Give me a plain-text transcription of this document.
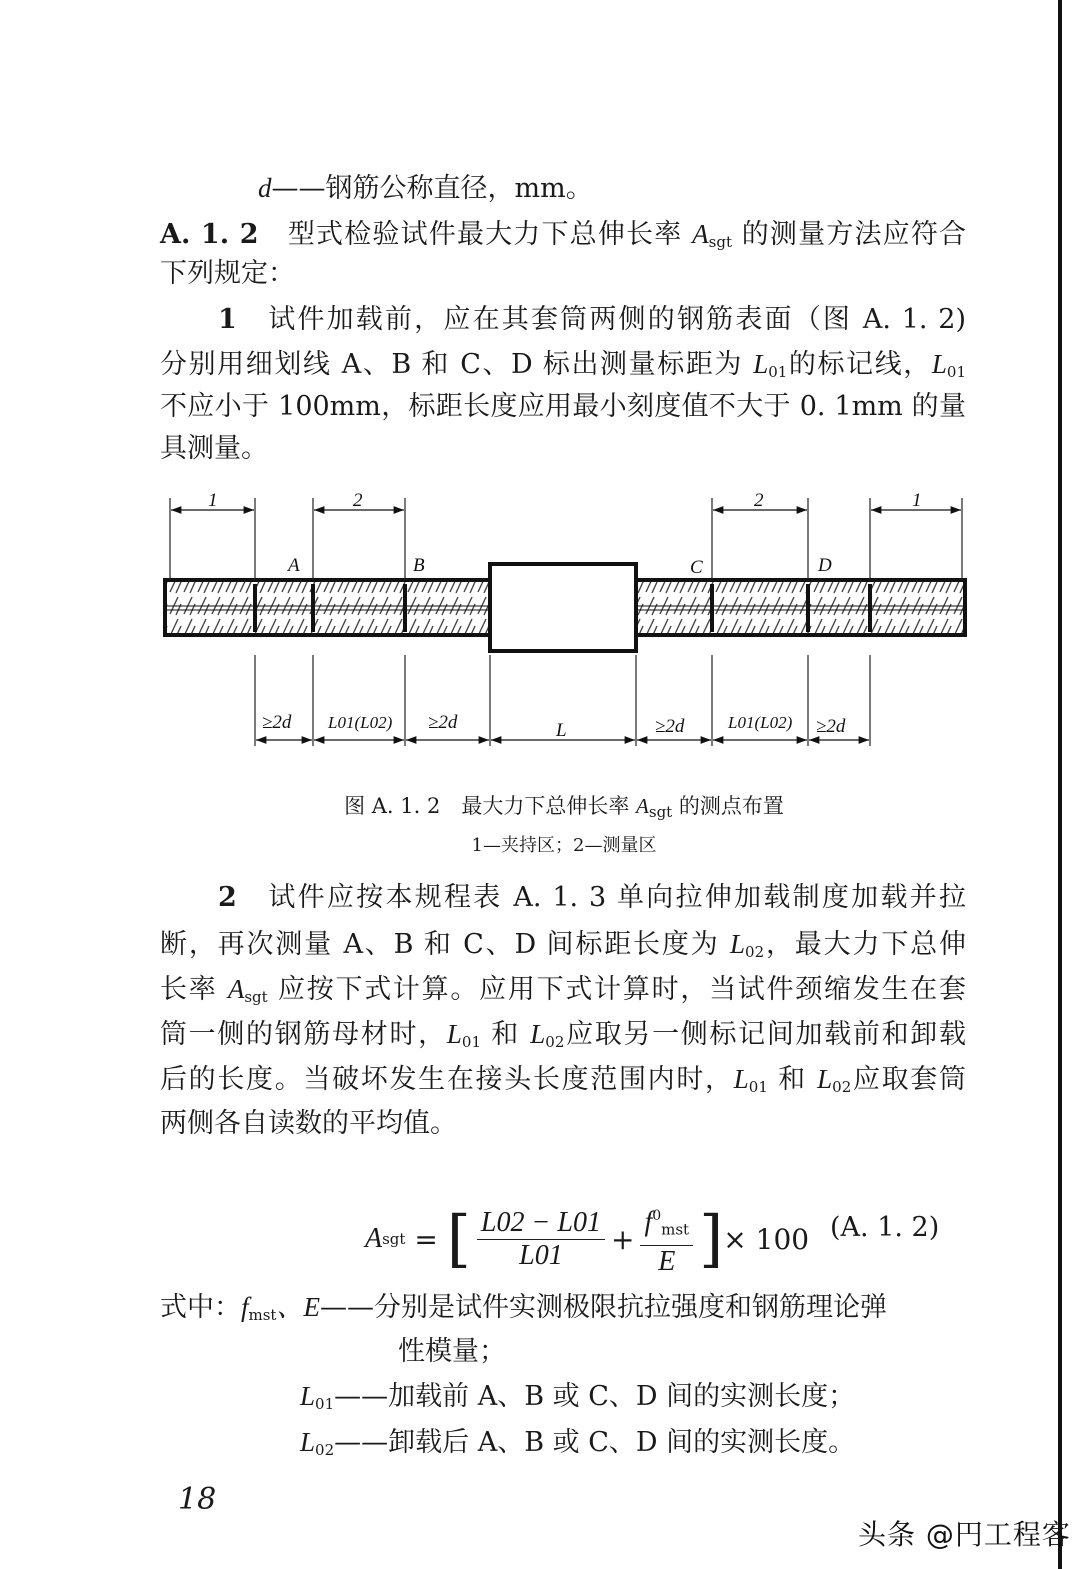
d——钢筋公称直径，mm。
A. 1. 2　 型式检验试件最大力下总伸长率 $A_{sgt}$ 的测量方法应符合
下列规定：
1　 试件加载前，应在其套筒两侧的钢筋表面（图 A. 1. 2)
分别用细划线 A、B 和 C、D 标出测量标距为 $L_{01}$的标记线，$L_{01}$
不应小于 100mm，标距长度应用最小刻度值不大于 0. 1mm 的量
具测量。
1	2	2	1
A	B	C	D
≥2d L01(L02) ≥2d	L	≥2d	L01(L02) ≥2d
图 A. 1. 2　最大力下总伸长率 $A_{sgt}$ 的测点布置
1—夹持区；2—测量区
2　 试件应按本规程表 A. 1. 3 单向拉伸加载制度加载并拉
断，再次测量 A、B 和 C、D 间标距长度为 $L_{02}$，最大力下总伸
长率 $A_{sgt}$ 应按下式计算。应用下式计算时，当试件颈缩发生在套
筒一侧的钢筋母材时，$L_{01}$ 和 $L_{02}$应取另一侧标记间加载前和卸载
后的长度。当破坏发生在接头长度范围内时，$L_{01}$ 和 $L_{02}$应取套筒
两侧各自读数的平均值。
A sgt
=
[ $\frac{L02 - L01}{L01} + \frac{f^0_{mst}}{E}$ ] × 100 (A. 1. 2)
式中：$f_{mst}$、E——分别是试件实测极限抗拉强度和钢筋理论弹
性模量；
$L_{01}——$加载前 A、B 或 C、D 间的实测长度；
$L_{02}——$卸载后 A、B 或 C、D 间的实测长度。
18
头条 @円工程客
